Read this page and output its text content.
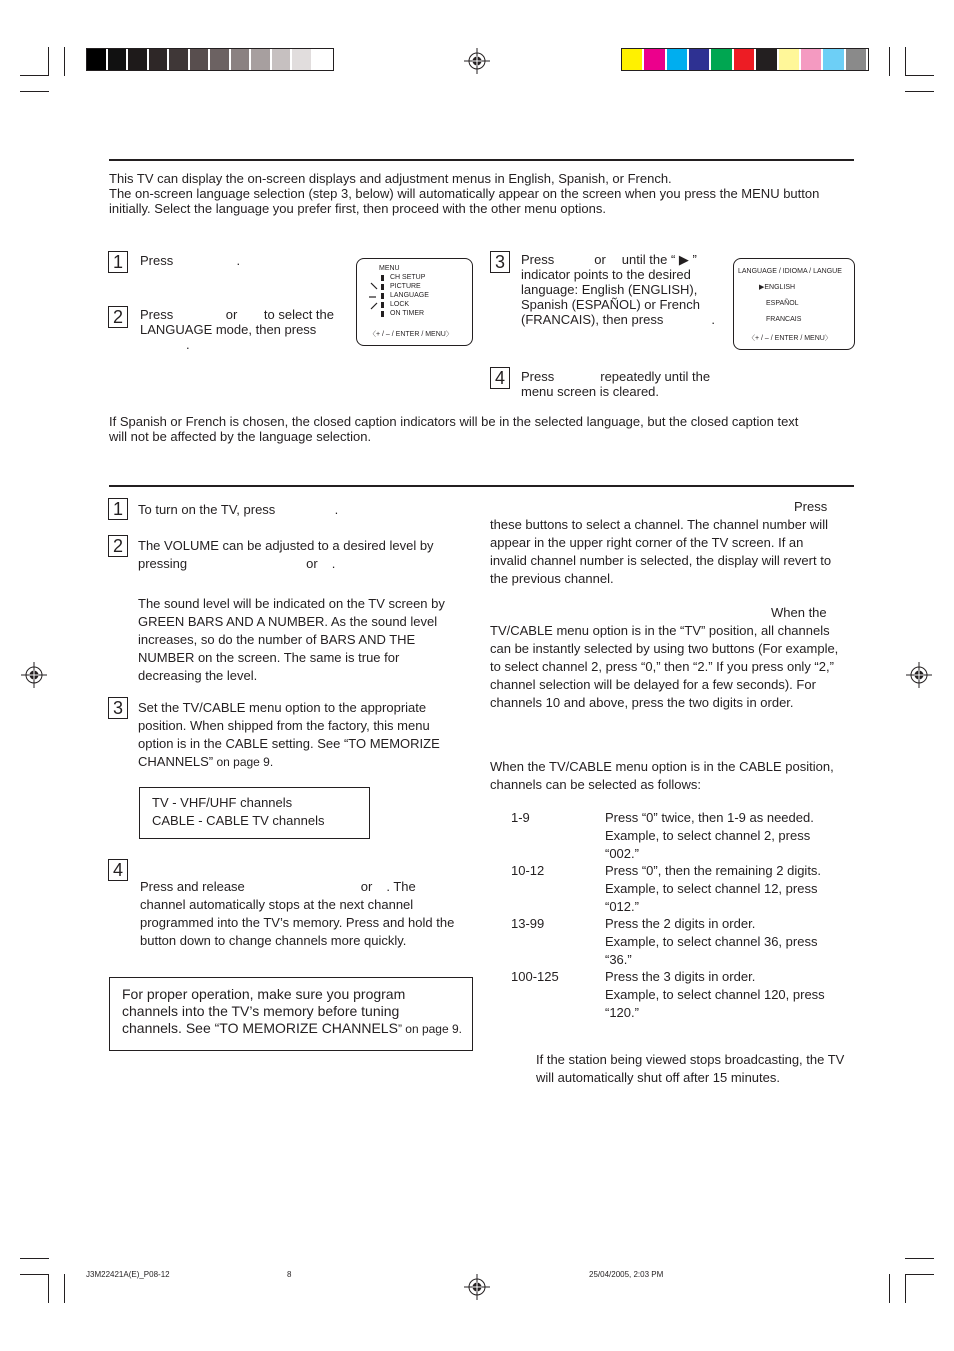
This TV can display the on-screen displays and adjustment menus in English, Spanish, or French.
The on-screen language selection (step 3, below) will automatically appear on the screen when you press the MENU button initially. Select the language you prefer first, then proceed with the other menu options.
1	Press	.
2	Press	or to select the
LANGUAGE mode, then press
.
MENU
CH SETUP
PICTURE
LANGUAGE
LOCK
ON TIMER
〈+ / – / ENTER / MENU〉
3	Press	or until the “ ▶ ”
indicator points to the desired
language: English (ENGLISH),
Spanish (ESPAÑOL) or French
(FRANCAIS), then press	.
LANGUAGE / IDIOMA / LANGUE
▶ENGLISH
ESPAÑOL
FRANCAIS
〈+ / – / ENTER / MENU〉
4	Press	repeatedly until the
menu screen is cleared.
If Spanish or French is chosen, the closed caption indicators will be in the selected language, but the closed caption text
will not be affected by the language selection.
1	To turn on the TV, press	.
2	The VOLUME can be adjusted to a desired level by
pressing	or .
The sound level will be indicated on the TV screen by
GREEN BARS AND A NUMBER. As the sound level
increases, so do the number of BARS AND THE
NUMBER on the screen. The same is true for
decreasing the level.
3	Set the TV/CABLE menu option to the appropriate
position. When shipped from the factory, this menu
option is in the CABLE setting. See “TO MEMORIZE
CHANNELS” on page 9.
TV - VHF/UHF channels
CABLE - CABLE TV channels
4
Press and release	or . The
channel automatically stops at the next channel
programmed into the TV’s memory. Press and hold the
button down to change channels more quickly.
For proper operation, make sure you program
channels into the TV’s memory before tuning
channels. See “TO MEMORIZE CHANNELS” on page 9.
Press
these buttons to select a channel. The channel number will
appear in the upper right corner of the TV screen. If an
invalid channel number is selected, the display will revert to
the previous channel.
When the
TV/CABLE menu option is in the “TV” position, all channels
can be instantly selected by using two buttons (For example,
to select channel 2, press “0,” then “2.” If you press only “2,”
channel selection will be delayed for a few seconds). For
channels 10 and above, press the two digits in order.
When the TV/CABLE menu option is in the CABLE position,
channels can be selected as follows:
1-9	Press “0” twice, then 1-9 as needed.
Example, to select channel 2, press
“002.”
10-12	Press “0”, then the remaining 2 digits.
Example, to select channel 12, press
“012.”
13-99	Press the 2 digits in order.
Example, to select channel 36, press
“36.”
100-125	Press the 3 digits in order.
Example, to select channel 120, press
“120.”
If the station being viewed stops broadcasting, the TV
will automatically shut off after 15 minutes.
J3M22421A(E)_P08-12	8	25/04/2005, 2:03 PM
